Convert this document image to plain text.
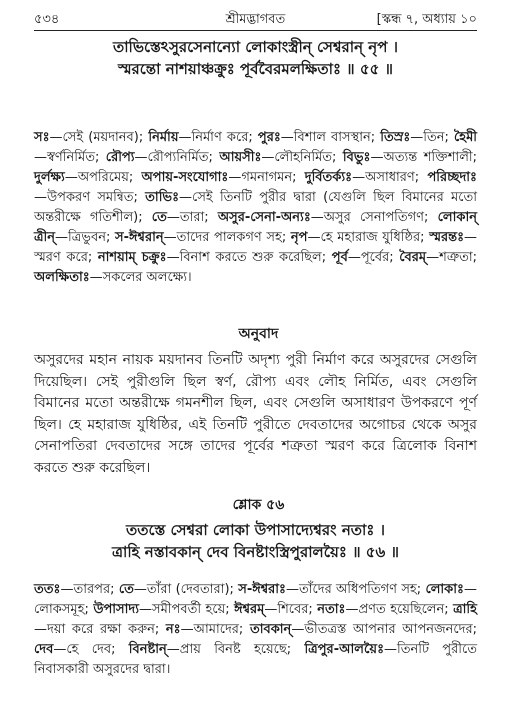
৫৩৪	শ্রীমদ্ভাগবত	[স্কন্ধ ৭, অধ্যায় ১০
তাভিস্তেঽসুরসেনান্যো লোকাংস্ত্রীন্ সেশ্বরান্ নৃপ ।
স্মরন্তো নাশয়াঞ্চক্রুঃ পূর্ববৈরমলক্ষিতাঃ ॥ ৫৫ ॥
সঃ—সেই (ময়দানব); নির্মায়—নির্মাণ করে; পুরঃ—বিশাল বাসস্থান; তিস্রঃ—তিন; হৈমী—স্বর্ণনির্মিত; রৌপ্য—রৌপ্যনির্মিত; আয়সীঃ—লৌহনির্মিত; বিভুঃ—অত্যন্ত শক্তিশালী; দুর্লক্ষ্য—অপরিমেয়; অপায়-সংযোগাঃ—গমনাগমন; দুর্বিতর্ক্যঃ—অসাধারণ; পরিচ্ছদাঃ—উপকরণ সমন্বিত; তাভিঃ—সেই তিনটি পুরীর দ্বারা (যেগুলি ছিল বিমানের মতো অন্তরীক্ষে গতিশীল); তে—তারা; অসুর-সেনা-অন্যঃ—অসুর সেনাপতিগণ; লোকান্ ত্রীন্—ত্রিভুবন; স-ঈশ্বরান্—তাদের পালকগণ সহ; নৃপ—হে মহারাজ যুধিষ্ঠির; স্মরন্তঃ—স্মরণ করে; নাশয়াম্ চক্রুঃ—বিনাশ করতে শুরু করেছিল; পূর্ব—পূর্বের; বৈরম্—শত্রুতা; অলক্ষিতাঃ—সকলের অলক্ষ্যে।
অনুবাদ
অসুরদের মহান নায়ক ময়দানব তিনটি অদৃশ্য পুরী নির্মাণ করে অসুরদের সেগুলি দিয়েছিল। সেই পুরীগুলি ছিল স্বর্ণ, রৌপ্য এবং লৌহ নির্মিত, এবং সেগুলি বিমানের মতো অন্তরীক্ষে গমনশীল ছিল, এবং সেগুলি অসাধারণ উপকরণে পূর্ণ ছিল। হে মহারাজ যুধিষ্ঠির, এই তিনটি পুরীতে দেবতাদের অগোচর থেকে অসুর সেনাপতিরা দেবতাদের সঙ্গে তাদের পূর্বের শত্রুতা স্মরণ করে ত্রিলোক বিনাশ করতে শুরু করেছিল।
শ্লোক ৫৬
ততস্তে সেশ্বরা লোকা উপাসাদ্যেশ্বরং নতাঃ ।
ত্রাহি নস্তাবকান্ দেব বিনষ্টাংস্ত্রিপুরালয়ৈঃ ॥ ৫৬ ॥
ততঃ—তারপর; তে—তাঁরা (দেবতারা); স-ঈশ্বরাঃ—তাঁদের অধিপতিগণ সহ; লোকাঃ—লোকসমূহ; উপাসাদ্য—সমীপবর্তী হয়ে; ঈশ্বরম্—শিবের; নতাঃ—প্রণত হয়েছিলেন; ত্রাহি—দয়া করে রক্ষা করুন; নঃ—আমাদের; তাবকান্—ভীতত্রস্ত আপনার আপনজনদের; দেব—হে দেব; বিনষ্টান্—প্রায় বিনষ্ট হয়েছে; ত্রিপুর-আলয়ৈঃ—তিনটি পুরীতে নিবাসকারী অসুরদের দ্বারা।
